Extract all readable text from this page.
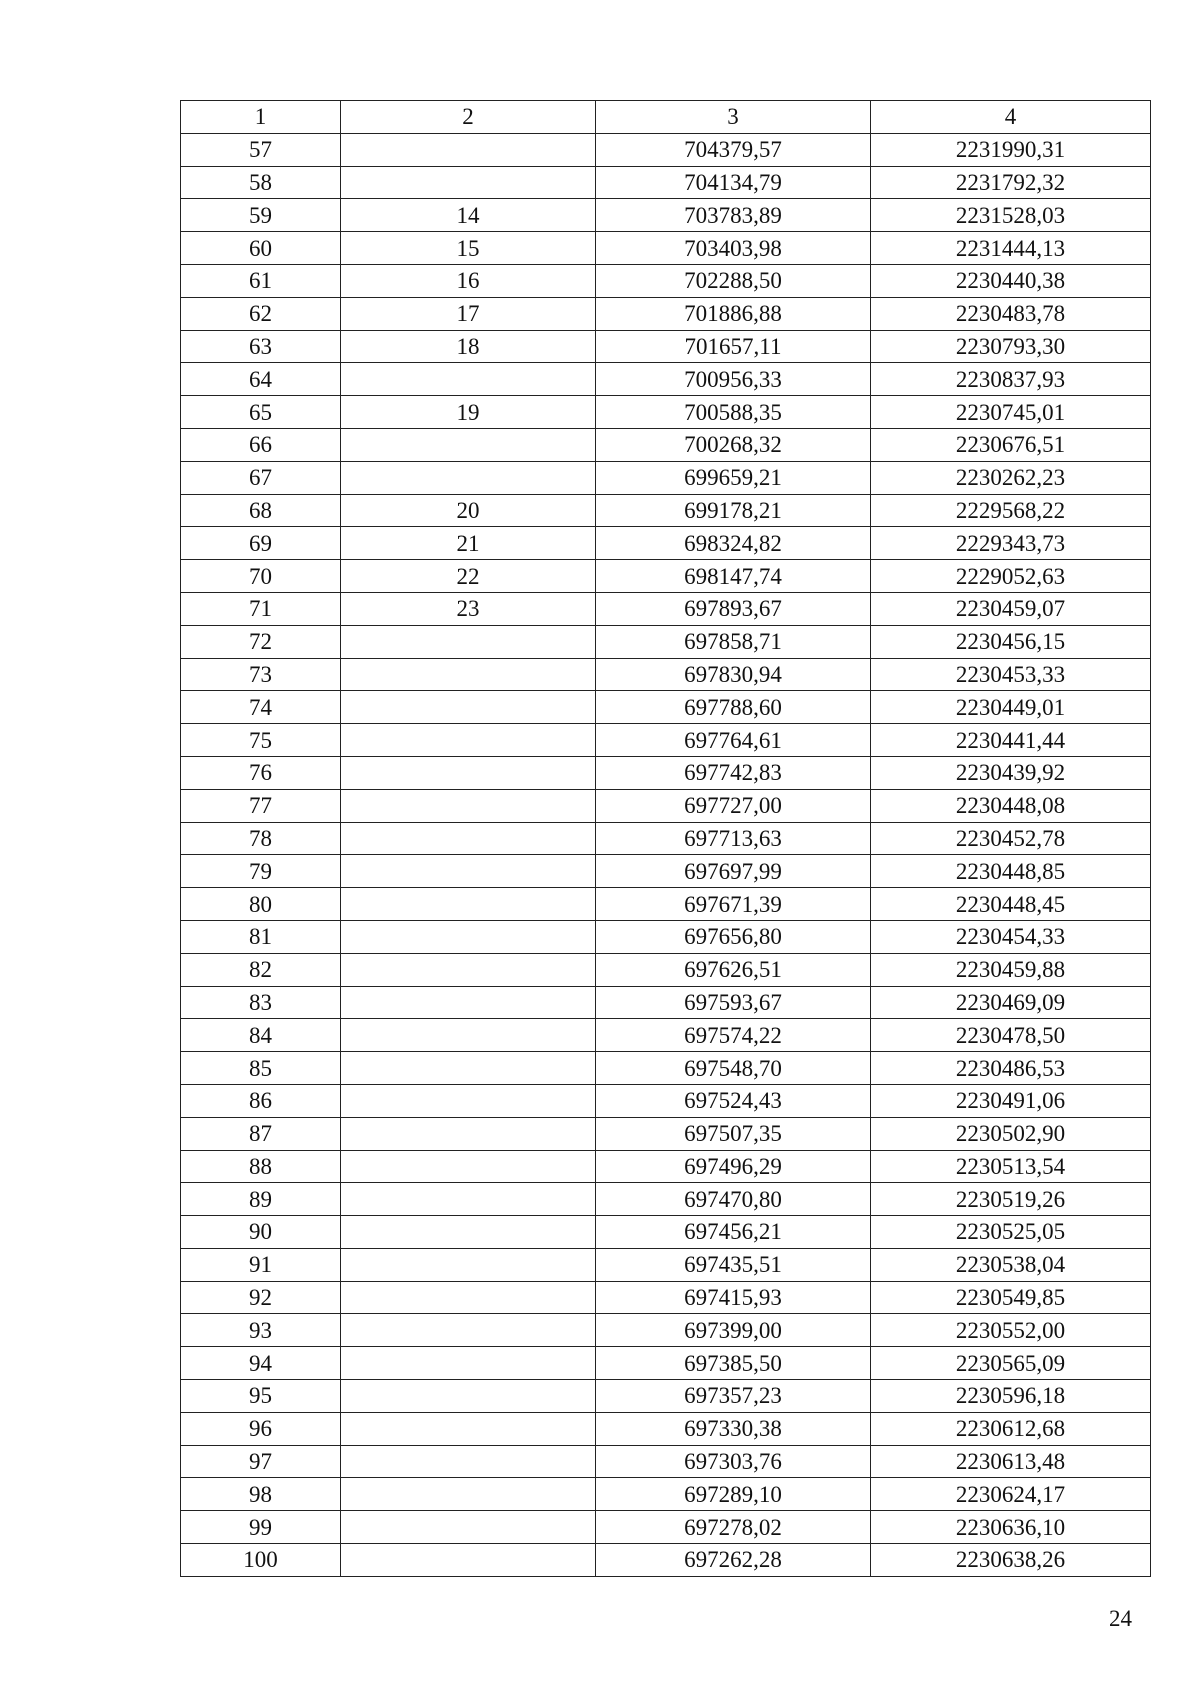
1	2	3	4
57		704379,57	2231990,31
58		704134,79	2231792,32
59	14	703783,89	2231528,03
60	15	703403,98	2231444,13
61	16	702288,50	2230440,38
62	17	701886,88	2230483,78
63	18	701657,11	2230793,30
64		700956,33	2230837,93
65	19	700588,35	2230745,01
66		700268,32	2230676,51
67		699659,21	2230262,23
68	20	699178,21	2229568,22
69	21	698324,82	2229343,73
70	22	698147,74	2229052,63
71	23	697893,67	2230459,07
72		697858,71	2230456,15
73		697830,94	2230453,33
74		697788,60	2230449,01
75		697764,61	2230441,44
76		697742,83	2230439,92
77		697727,00	2230448,08
78		697713,63	2230452,78
79		697697,99	2230448,85
80		697671,39	2230448,45
81		697656,80	2230454,33
82		697626,51	2230459,88
83		697593,67	2230469,09
84		697574,22	2230478,50
85		697548,70	2230486,53
86		697524,43	2230491,06
87		697507,35	2230502,90
88		697496,29	2230513,54
89		697470,80	2230519,26
90		697456,21	2230525,05
91		697435,51	2230538,04
92		697415,93	2230549,85
93		697399,00	2230552,00
94		697385,50	2230565,09
95		697357,23	2230596,18
96		697330,38	2230612,68
97		697303,76	2230613,48
98		697289,10	2230624,17
99		697278,02	2230636,10
100		697262,28	2230638,26
24
